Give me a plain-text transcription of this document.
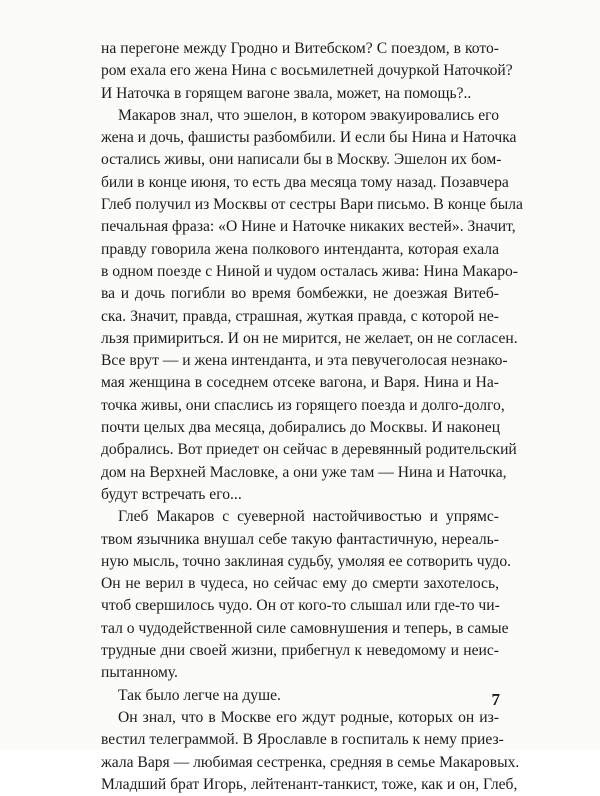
на перегоне между Гродно и Витебском? С поездом, в кото-
ром ехала его жена Нина с восьмилетней дочуркой Наточкой?
И Наточка в горящем вагоне звала, может, на помощь?..
Макаров знал, что эшелон, в котором эвакуировались его
жена и дочь, фашисты разбомбили. И если бы Нина и Наточка
остались живы, они написали бы в Москву. Эшелон их бом-
били в конце июня, то есть два месяца тому назад. Позавчера
Глеб получил из Москвы от сестры Вари письмо. В конце была
печальная фраза: «О Нине и Наточке никаких вестей». Значит,
правду говорила жена полкового интенданта, которая ехала
в одном поезде с Ниной и чудом осталась жива: Нина Макаро-
ва и дочь погибли во время бомбежки, не доезжая Витеб-
ска. Значит, правда, страшная, жуткая правда, с которой не-
льзя примириться. И он не мирится, не желает, он не согласен.
Все врут — и жена интенданта, и эта певучеголосая незнако-
мая женщина в соседнем отсеке вагона, и Варя. Нина и На-
точка живы, они спаслись из горящего поезда и долго-долго,
почти целых два месяца, добирались до Москвы. И наконец
добрались. Вот приедет он сейчас в деревянный родительский
дом на Верхней Масловке, а они уже там — Нина и Наточка,
будут встречать его...
Глеб Макаров с суеверной настойчивостью и упрямс-
твом язычника внушал себе такую фантастичную, нереаль-
ную мысль, точно заклиная судьбу, умоляя ее сотворить чудо.
Он не верил в чудеса, но сейчас ему до смерти захотелось,
чтоб свершилось чудо. Он от кого-то слышал или где-то чи-
тал о чудодейственной силе самовнушения и теперь, в самые
трудные дни своей жизни, прибегнул к неведомому и неис-
пытанному.
Так было легче на душе.
Он знал, что в Москве его ждут родные, которых он из-
вестил телеграммой. В Ярославле в госпиталь к нему приез-
жала Варя — любимая сестренка, средняя в семье Макаровых.
Младший брат Игорь, лейтенант-танкист, тоже, как и он, Глеб,
7
